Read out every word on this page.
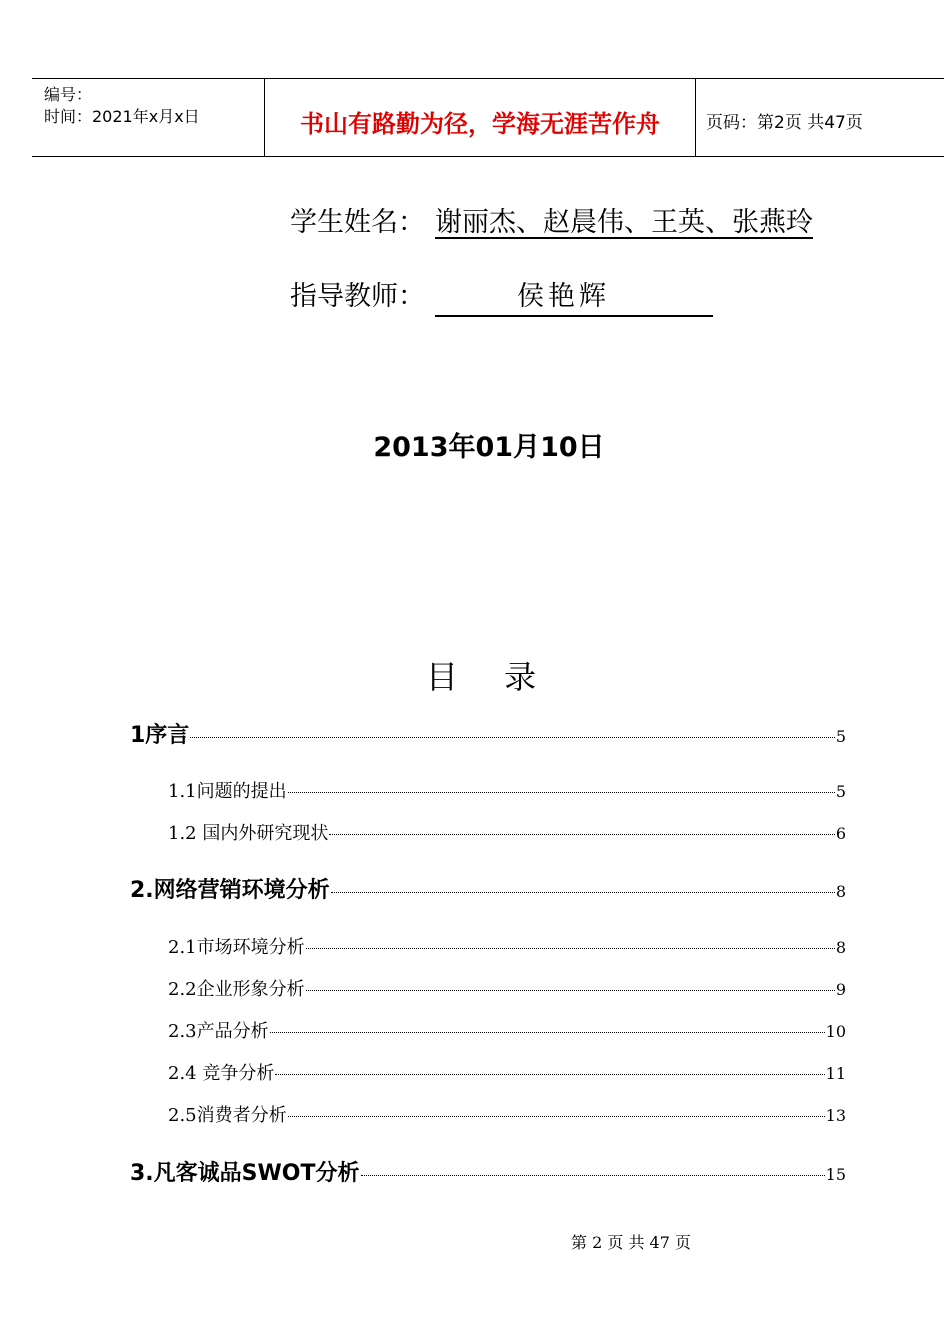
编号：
时间：2021年x月x日	书山有路勤为径，学海无涯苦作舟	页码：第2页 共47页
学生姓名： 谢丽杰、赵晨伟、王英、张燕玲
指导教师：	侯艳辉
2013年01月10日
目 录
1序言	5
1.1问题的提出	5
1.2 国内外研究现状	6
2.网络营销环境分析	8
2.1市场环境分析	8
2.2企业形象分析	9
2.3产品分析	10
2.4 竞争分析	11
2.5消费者分析	13
3.凡客诚品SWOT分析	15
第 2 页 共 47 页
